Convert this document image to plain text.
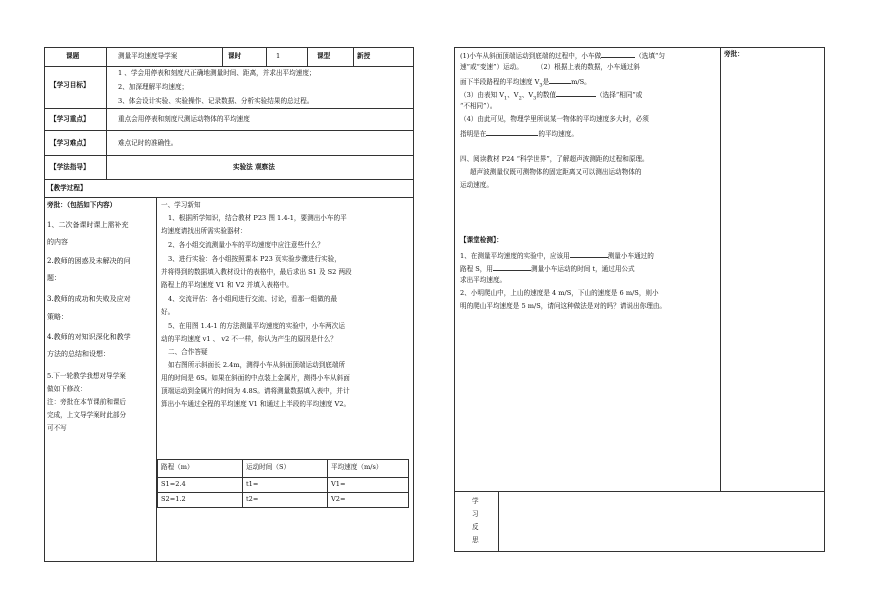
课题	测量平均速度导学案	课时	1	课型	新授
【学习目标】
1 、学会用停表和刻度尺正确地测量时间、距离，并求出平均速度；
2、加深理解平均速度；
3、体会设计实验、实验操作、记录数据、分析实验结果的总过程。
【学习重点】	重点会用停表和刻度尺测运动物体的平均速度
【学习难点】	难点记时的准确性。
【学法指导】	实验法 观察法
【教学过程】
旁批：（包括如下内容）
1、二次备课时课上需补充
的内容
2.教师的困惑及未解决的问
题：
3.教师的成功和失败及应对
策略：
4.教师的对知识深化和教学
方法的总结和设想：
5.下一轮教学我想对导学案
做如下修改：
注：旁批在本节课前和课后
完成，上文导学案时此部分
可不写
一、学习新知
1、根据所学知识，结合教材 P23 图 1.4-1，要测出小车的平
均速度请找出所需实验器材：
2、各小组交流测量小车的平均速度中应注意些什么？
3、进行实验：各小组按照课本 P23 页实验步骤进行实验，
并将得到的数据填入教材设计的表格中，最后求出 S1 及 S2 两段
路程上的平均速度 V1 和 V2 并填入表格中。
4、交流评估：各小组间进行交流、讨论，看那一组做的最
好。
5、在用图 1.4-1 的方法测量平均速度的实验中，小车两次运
动的平均速度 v1 、 v2 不一样，你认为产生的原因是什么？
二、合作答疑
如右图所示斜面长 2.4m，测得小车从斜面顶端运动到底端所
用的时间是 6S。如果在斜面的中点装上金属片，测得小车从斜面
顶端运动到金属片的时间为 4.8S。请将测量数据填入表中，并计
算出小车通过全程的平均速度 V1 和通过上半段的平均速度 V2。
路程（m）	运动时间（S）	平均速度（m/s）
S1=2.4	t1=	V1=
S2=1.2	t2=	V2=
(1)小车从斜面顶端运动到底端的过程中，小车做	（选填“匀
速”或“变速”）运动。 （2）根据上表的数据，小车通过斜
面下半段路程的平均速度 $V_3$是	m/S。
（3）由表知 $V_1$、$V_2$、$V_3$的数值	（选择“相同”或
“不相同”）。
（4）由此可见，物理学里所说某一物体的平均速度多大时，必须
指明是在	的平均速度。
四、阅读教材 P24 “科学世界”，了解超声波测距的过程和原理。
超声波测量仪既可测物体的固定距离又可以测出运动物体的
运动速度。
【课堂检测】：
1、在测量平均速度的实验中，应该用	测量小车通过的
路程 S，用	测量小车运动的时间 t，通过用公式
求出平均速度。
2、小明爬山中，上山的速度是 4 m/S，下山的速度是 6 m/S，则小
明的爬山平均速度是 5 m/S，请问这种做法是对的吗？请说出你理由。
旁批：
学
习
反
思
